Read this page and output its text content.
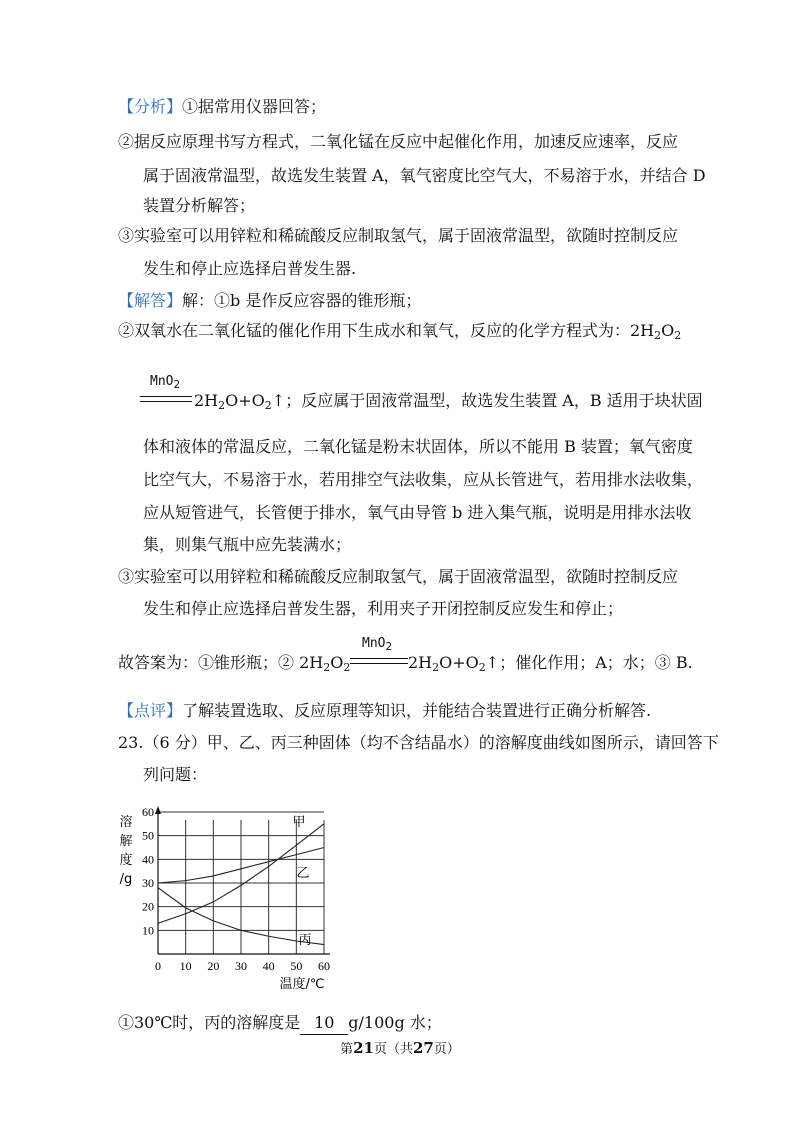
【分析】①据常用仪器回答；
②据反应原理书写方程式，二氧化锰在反应中起催化作用，加速反应速率，反应
属于固液常温型，故选发生装置 A，氧气密度比空气大，不易溶于水，并结合 D
装置分析解答；
③实验室可以用锌粒和稀硫酸反应制取氢气，属于固液常温型，欲随时控制反应
发生和停止应选择启普发生器.
【解答】解：①b 是作反应容器的锥形瓶；
②双氧水在二氧化锰的催化作用下生成水和氧气，反应的化学方程式为：$2H_2O_2$
MnO$_2$
$2H_2O+O_2↑$；反应属于固液常温型，故选发生装置 A，B 适用于块状固
体和液体的常温反应，二氧化锰是粉末状固体，所以不能用 B 装置；氧气密度
比空气大，不易溶于水，若用排空气法收集，应从长管进气，若用排水法收集，
应从短管进气，长管便于排水，氧气由导管 b 进入集气瓶，说明是用排水法收
集，则集气瓶中应先装满水；
③实验室可以用锌粒和稀硫酸反应制取氢气，属于固液常温型，欲随时控制反应
发生和停止应选择启普发生器，利用夹子开闭控制反应发生和停止；
故答案为：①锥形瓶；② $2H_2O_2$
MnO$_2$
$2H_2O+O_2↑$；催化作用；A；水；③ B.
【点评】了解装置选取、反应原理等知识，并能结合装置进行正确分析解答.
23.（6 分）甲、乙、丙三种固体（均不含结晶水）的溶解度曲线如图所示，请回答下
列问题：
0 10 20 30 40 50 60
10
20
30
40
50
60
溶
解
度
/g
温度/℃
甲
乙
丙
①30℃时，丙的溶解度是 10 g/100g 水；
第21页（共27页）
